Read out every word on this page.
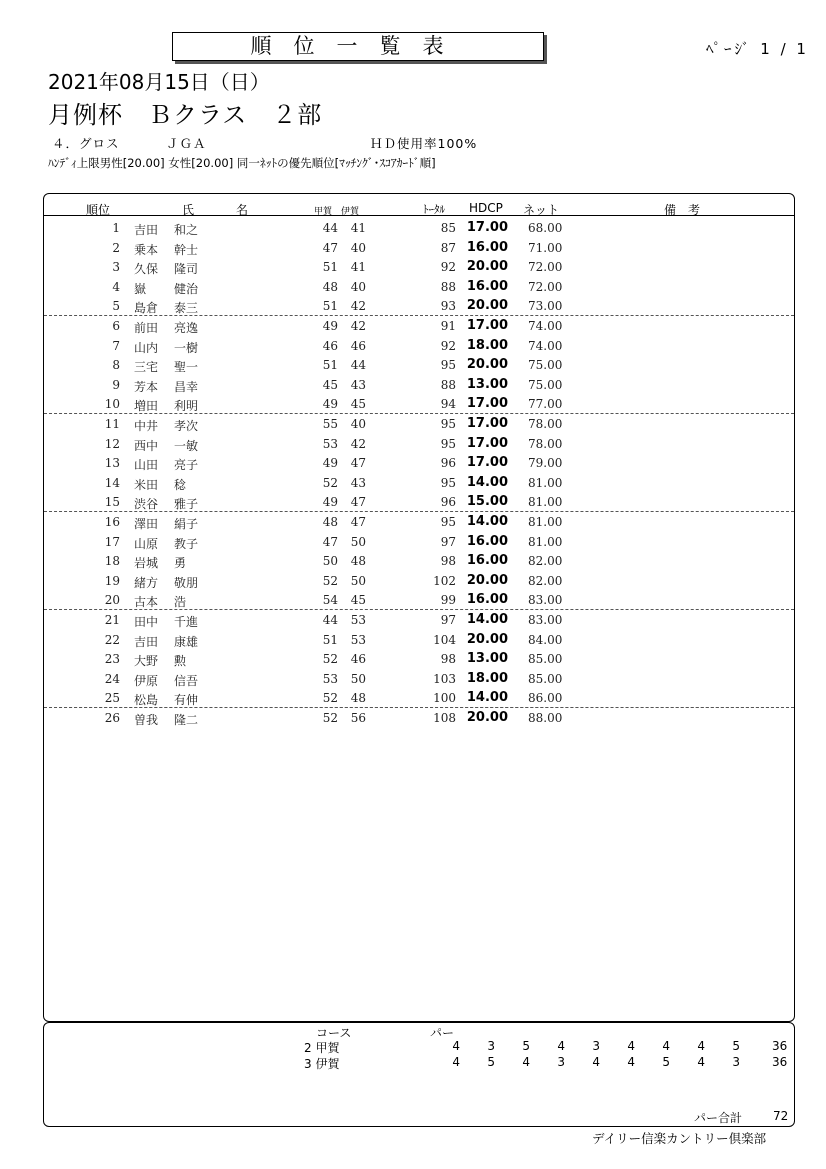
順位一覧表	ﾍﾟｰｼﾞ 1 / 1
2021年08月15日（日）
月例杯　Ｂクラス　２部
４．グロス	ＪＧＡ	ＨＤ使用率100%
ﾊﾝﾃﾞｨ上限男性[20.00] 女性[20.00] 同一ﾈｯﾄの優先順位[ﾏｯﾁﾝｸﾞ･ｽｺｱｶｰﾄﾞ順]
順位	氏	名	甲賀 伊賀	ﾄｰﾀﾙ HDCP ネット	備　考
1 吉田 和之	44	41	85 17.00 68.00
2 乗本 幹士	47	40	87 16.00 71.00
3 久保 隆司	51	41	92 20.00 72.00
4 嶽 健治	48	40	88 16.00 72.00
5 島倉 泰三	51	42	93 20.00 73.00
6 前田 亮逸	49	42	91 17.00 74.00
7 山内 一樹	46	46	92 18.00 74.00
8 三宅 聖一	51	44	95 20.00 75.00
9 芳本 昌幸	45	43	88 13.00 75.00
10 増田 利明	49	45	94 17.00 77.00
11 中井 孝次	55	40	95 17.00 78.00
12 西中 一敏	53	42	95 17.00 78.00
13 山田 亮子	49	47	96 17.00 79.00
14 米田 稔	52	43	95 14.00 81.00
15 渋谷 雅子	49	47	96 15.00 81.00
16 澤田 絹子	48	47	95 14.00 81.00
17 山原 教子	47	50	97 16.00 81.00
18 岩城 勇	50	48	98 16.00 82.00
19 緒方 敬朋	52	50	102 20.00 82.00
20 古本 浩	54	45	99 16.00 83.00
21 田中 千進	44	53	97 14.00 83.00
22 吉田 康雄	51	53	104 20.00 84.00
23 大野 勲	52	46	98 13.00 85.00
24 伊原 信吾	53	50	103 18.00 85.00
25 松島 有伸	52	48	100 14.00 86.00
26 曽我 隆二	52	56	108 20.00 88.00
コース	パー
2 甲賀	4	3	5	4	3	4	4	4	5	36
3 伊賀	4	5	4	3	4	4	5	4	3	36
パー合計	72
デイリー信楽カントリー倶楽部
